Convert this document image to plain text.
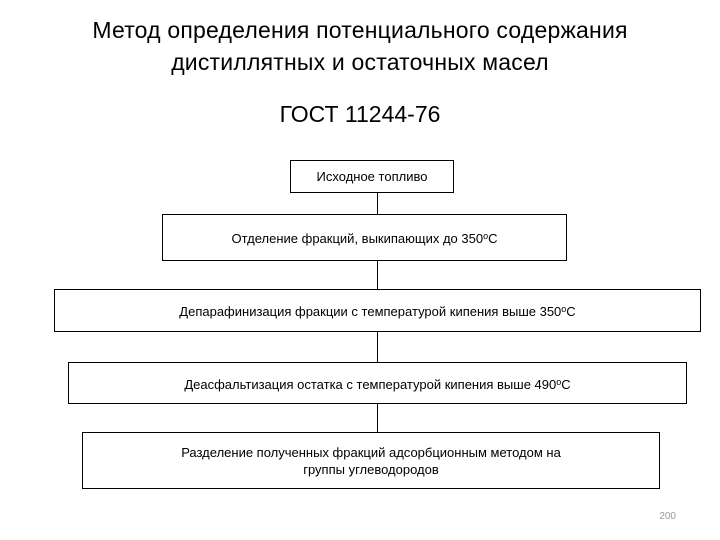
Метод определения потенциального содержания
дистиллятных и остаточных масел
ГОСТ 11244-76
Исходное топливо
Отделение фракций, выкипающих до $350^оС$
Депарафинизация фракции с температурой кипения выше $350^оС$
Деасфальтизация остатка с температурой кипения выше $490^оС$
Разделение полученных фракций адсорбционным методом на
группы углеводородов
200
